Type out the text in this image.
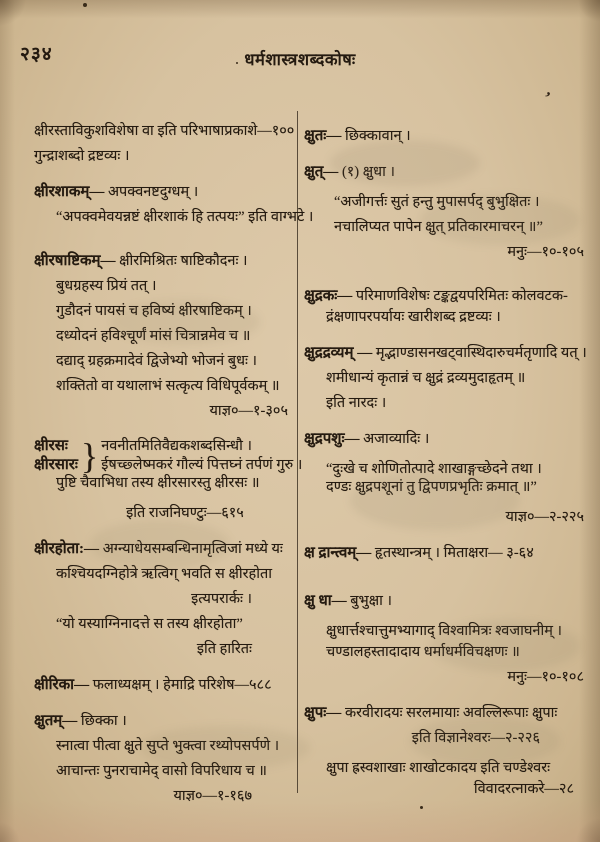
२३४	धर्मशास्त्रशब्दकोषः
क्षीरस्ताविकुशविशेषा वा इति परिभाषाप्रकाशे—१००
गुन्द्राशब्दो द्रष्टव्यः ।
क्षीरशाकम्— अपक्वनष्टदुग्धम् ।
“अपक्वमेवयन्नष्टं क्षीरशाकं हि तत्पयः” इति वाग्भटे ।
क्षीरषाष्टिकम्— क्षीरमिश्रितः षाष्टिकौदनः ।
बुधग्रहस्य प्रियं तत् ।
गुडौदनं पायसं च हविष्यं क्षीरषाष्टिकम् ।
दध्योदनं हविश्चूर्णं मांसं चित्रान्नमेव च ॥
दद्याद् ग्रहक्रमादेवं द्विजेभ्यो भोजनं बुधः ।
शक्तितो वा यथालाभं सत्कृत्य विधिपूर्वकम् ॥
याज्ञ०—१-३०५
क्षीरसः
क्षीरसारः } नवनीतमितिवैद्यकशब्दसिन्धौ ।
ईषच्छ्लेष्मकरं गौल्यं पित्तघ्नं तर्पणं गुरु ।
पुष्टि चैवाभिधा तस्य क्षीरसारस्तु क्षीरसः ॥
इति राजनिघण्टुः—६१५
क्षीरहोता:— अग्न्याधेयसम्बन्धिनामृत्विजां मध्ये यः
कश्चियदग्निहोत्रे ऋत्विग् भवति स क्षीरहोता
इत्यपरार्कः ।
“यो यस्याग्निनादत्ते स तस्य क्षीरहोता”
इति हारितः
क्षीरिका— फलाध्यक्षम् । हेमाद्रि परिशेष—५८८
क्षुतम्— छिक्का ।
स्नात्वा पीत्वा क्षुते सुप्ते भुक्त्वा रथ्योपसर्पणे ।
आचान्तः पुनराचामेद् वासो विपरिधाय च ॥
याज्ञ०—१-१६७
क्षुतः— छिक्कावान् ।
क्षुत्— (१) क्षुधा ।
“अजीगर्त्तः सुतं हन्तु मुपासर्पद् बुभुक्षितः ।
नचालिप्यत पापेन क्षुत् प्रतिकारमाचरन् ॥”
मनुः—१०-१०५
क्षुद्रकः— परिमाणविशेषः टङ्कद्वयपरिमितः कोलवटक-
द्रंक्षणापरपर्यायः खारीशब्द द्रष्टव्यः ।
क्षुद्रद्रव्यम् — मृद्भाण्डासनखट्वास्थिदारुचर्मतृणादि यत् ।
शमीधान्यं कृतान्नं च क्षुद्रं द्रव्यमुदाहृतम् ॥
इति नारदः ।
क्षुद्रपशुः— अजाव्यादिः ।
“दुःखे च शोणितोत्पादे शाखाङ्गच्छेदने तथा ।
दण्डः क्षुद्रपशूनां तु द्विपणप्रभृतिः क्रमात् ॥”
याज्ञ०—२-२२५
क्ष द्रान्त्वम्— हृतस्थान्त्रम् । मिताक्षरा— ३-६४
क्षु धा— बुभुक्षा ।
क्षुधार्त्तश्चात्तुमभ्यागाद् विश्वामित्रः श्वजाघनीम् ।
चण्डालहस्तादादाय धर्माधर्मविचक्षणः ॥
मनुः—१०-१०८
क्षुपः— करवीरादयः सरलमायाः अवल्लिरूपाः क्षुपाः
इति विज्ञानेश्वरः—२-२२६
क्षुपा ह्रस्वशाखाः शाखोटकादय इति चण्डेश्वरः
विवादरत्नाकरे—२८
,
